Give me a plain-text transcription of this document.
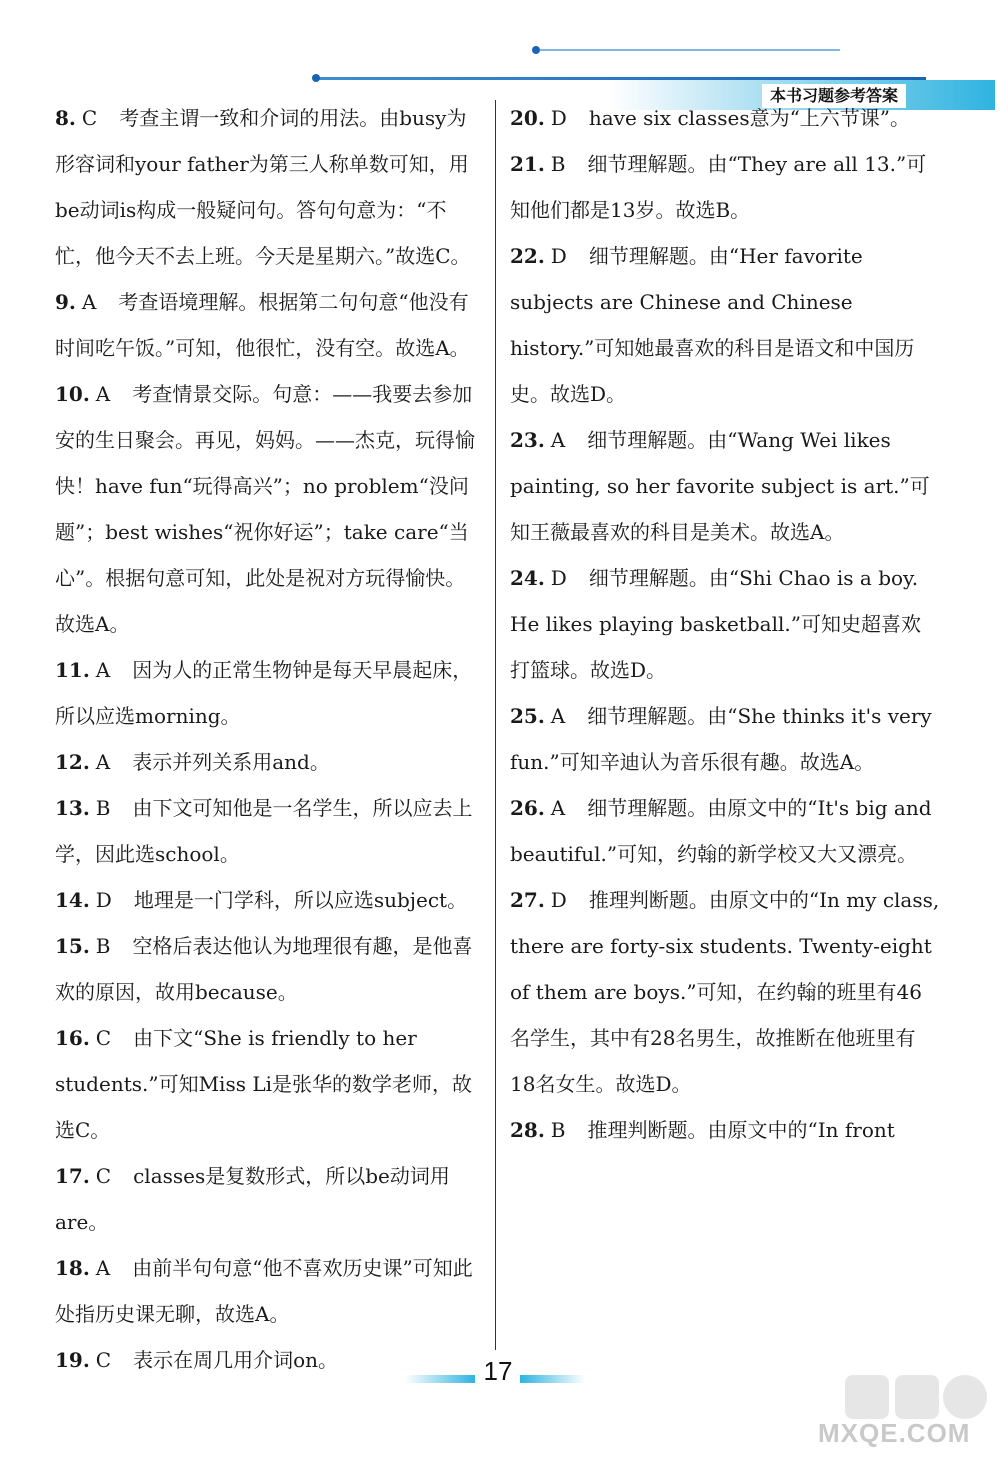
本书习题参考答案

8. C 考查主谓一致和介词的用法。由busy为形容词和your father为第三人称单数可知，用be动词is构成一般疑问句。答句句意为：“不忙，他今天不去上班。今天是星期六。”故选C。

9. A 考查语境理解。根据第二句句意“他没有时间吃午饭。”可知，他很忙，没有空。故选A。

10. A 考查情景交际。句意：——我要去参加安的生日聚会。再见，妈妈。——杰克，玩得愉快！have fun“玩得高兴”；no problem“没问题”；best wishes“祝你好运”；take care“当心”。根据句意可知，此处是祝对方玩得愉快。故选A。

11. A 因为人的正常生物钟是每天早晨起床，所以应选morning。

12. A 表示并列关系用and。

13. B 由下文可知他是一名学生，所以应去上学，因此选school。

14. D 地理是一门学科，所以应选subject。

15. B 空格后表达他认为地理很有趣，是他喜欢的原因，故用because。

16. C 由下文“She is friendly to her students.”可知Miss Li是张华的数学老师，故选C。

17. C classes是复数形式，所以be动词用are。

18. A 由前半句句意“他不喜欢历史课”可知此处指历史课无聊，故选A。

19. C 表示在周几用介词on。

20. D have six classes意为“上六节课”。

21. B 细节理解题。由“They are all 13.”可知他们都是13岁。故选B。

22. D 细节理解题。由“Her favorite subjects are Chinese and Chinese history.”可知她最喜欢的科目是语文和中国历史。故选D。

23. A 细节理解题。由“Wang Wei likes painting, so her favorite subject is art.”可知王薇最喜欢的科目是美术。故选A。

24. D 细节理解题。由“Shi Chao is a boy. He likes playing basketball.”可知史超喜欢打篮球。故选D。

25. A 细节理解题。由“She thinks it's very fun.”可知辛迪认为音乐很有趣。故选A。

26. A 细节理解题。由原文中的“It's big and beautiful.”可知，约翰的新学校又大又漂亮。

27. D 推理判断题。由原文中的“In my class, there are forty-six students. Twenty-eight of them are boys.”可知，在约翰的班里有46名学生，其中有28名男生，故推断在他班里有18名女生。故选D。

28. B 推理判断题。由原文中的“In front

17
MXQE.COM
